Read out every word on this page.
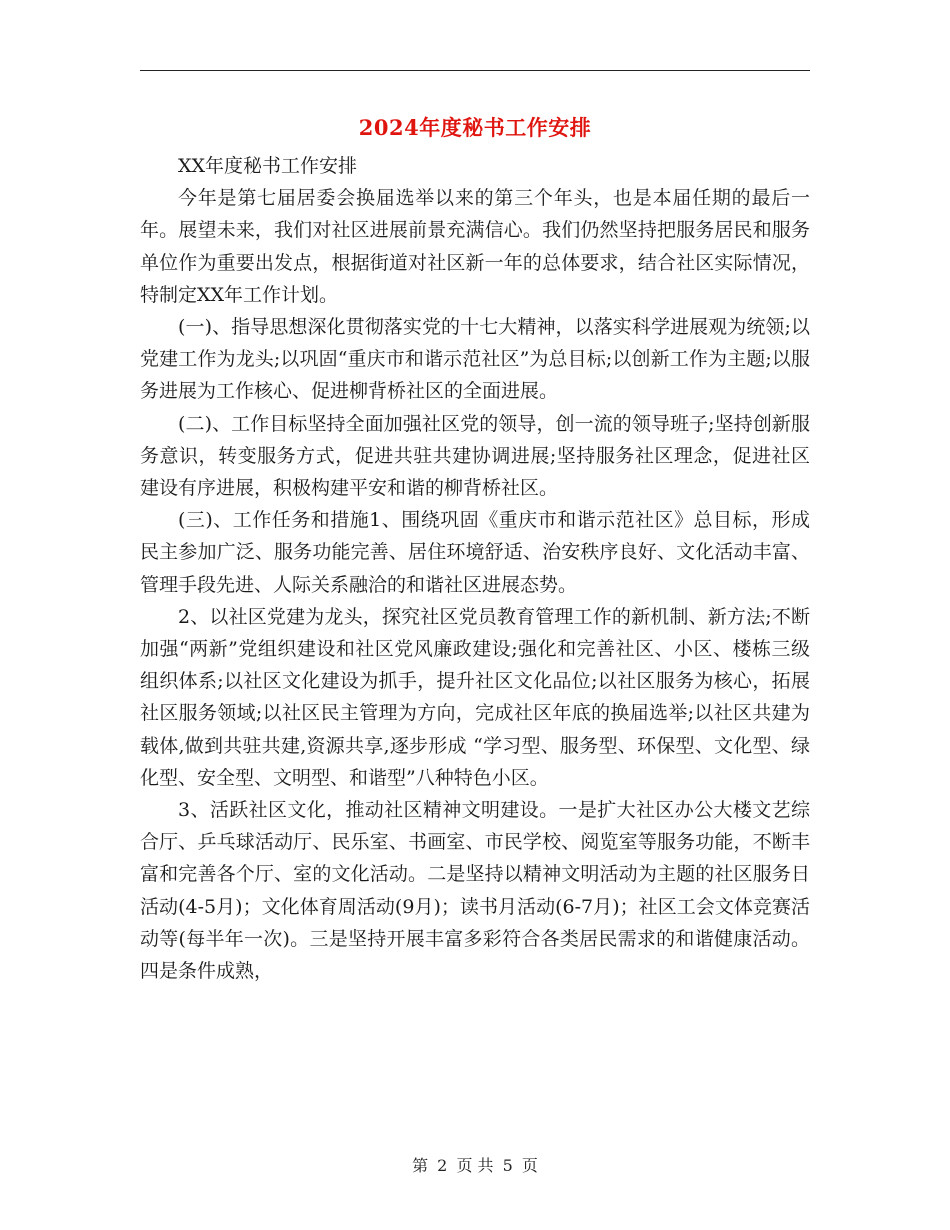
2024年度秘书工作安排

XX年度秘书工作安排

今年是第七届居委会换届选举以来的第三个年头，也是本届任期的最后一年。展望未来，我们对社区进展前景充满信心。我们仍然坚持把服务居民和服务单位作为重要出发点，根据街道对社区新一年的总体要求，结合社区实际情况，特制定XX年工作计划。

(一)、指导思想深化贯彻落实党的十七大精神，以落实科学进展观为统领;以党建工作为龙头;以巩固“重庆市和谐示范社区”为总目标;以创新工作为主题;以服务进展为工作核心、促进柳背桥社区的全面进展。

(二)、工作目标坚持全面加强社区党的领导，创一流的领导班子;坚持创新服务意识，转变服务方式，促进共驻共建协调进展;坚持服务社区理念，促进社区建设有序进展，积极构建平安和谐的柳背桥社区。

(三)、工作任务和措施1、围绕巩固《重庆市和谐示范社区》总目标，形成民主参加广泛、服务功能完善、居住环境舒适、治安秩序良好、文化活动丰富、管理手段先进、人际关系融洽的和谐社区进展态势。

2、以社区党建为龙头，探究社区党员教育管理工作的新机制、新方法;不断加强“两新”党组织建设和社区党风廉政建设;强化和完善社区、小区、楼栋三级组织体系;以社区文化建设为抓手，提升社区文化品位;以社区服务为核心，拓展社区服务领域;以社区民主管理为方向，完成社区年底的换届选举;以社区共建为载体,做到共驻共建,资源共享,逐步形成 “学习型、服务型、环保型、文化型、绿化型、安全型、文明型、和谐型”八种特色小区。

3、活跃社区文化，推动社区精神文明建设。一是扩大社区办公大楼文艺综合厅、乒乓球活动厅、民乐室、书画室、市民学校、阅览室等服务功能，不断丰富和完善各个厅、室的文化活动。二是坚持以精神文明活动为主题的社区服务日活动(4-5月)；文化体育周活动(9月)；读书月活动(6-7月)；社区工会文体竞赛活动等(每半年一次)。三是坚持开展丰富多彩符合各类居民需求的和谐健康活动。四是条件成熟，

第 2 页 共 5 页
